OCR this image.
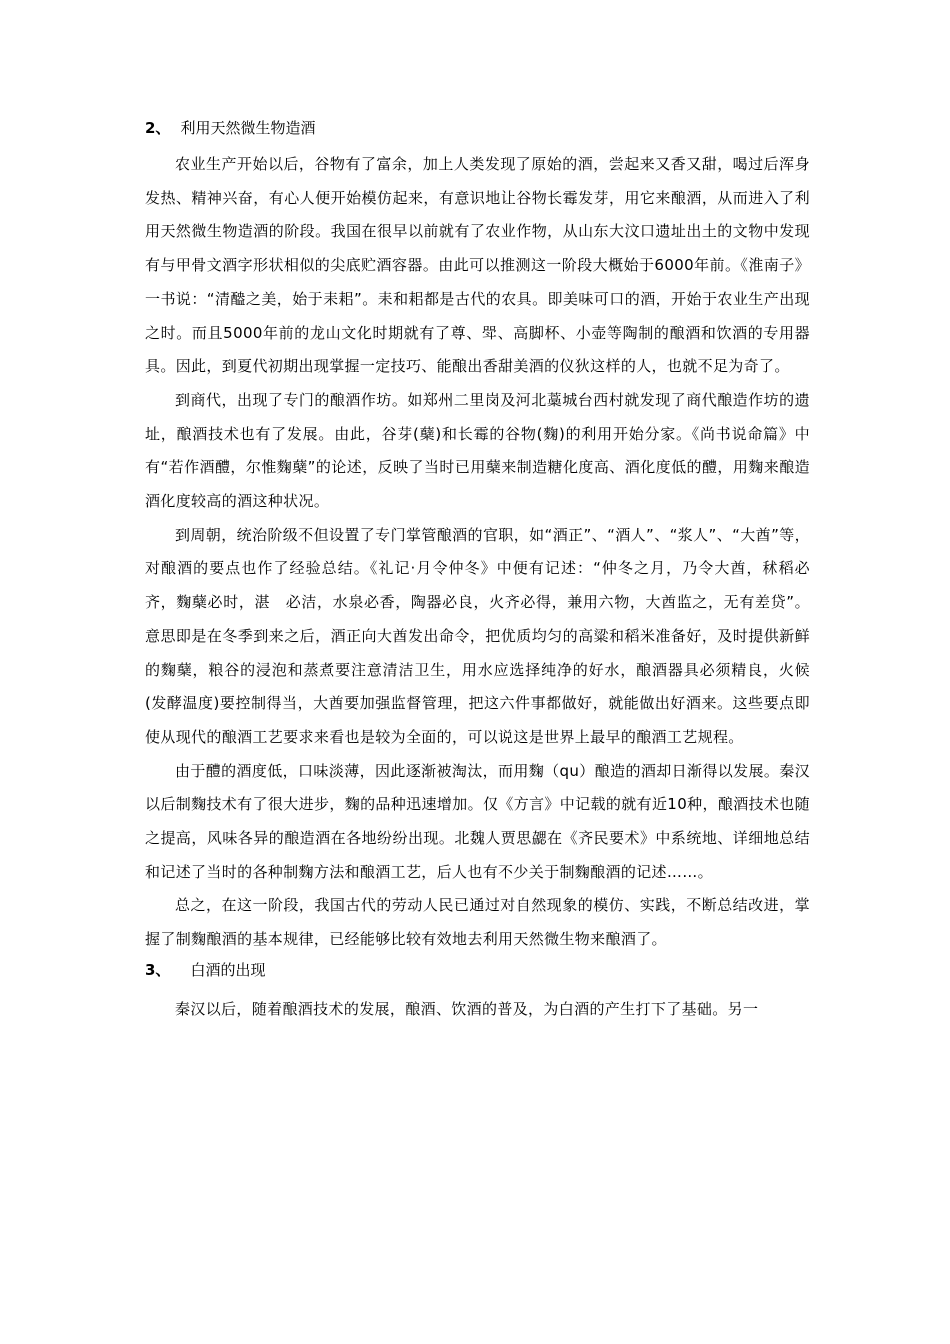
2、 利用天然微生物造酒

农业生产开始以后，谷物有了富余，加上人类发现了原始的酒，尝起来又香又甜，喝过后浑身发热、精神兴奋，有心人便开始模仿起来，有意识地让谷物长霉发芽，用它来酿酒，从而进入了利用天然微生物造酒的阶段。我国在很早以前就有了农业作物，从山东大汶口遗址出土的文物中发现有与甲骨文酒字形状相似的尖底贮酒容器。由此可以推测这一阶段大概始于6000年前。《淮南子》一书说：“清醠之美，始于耒耜”。耒和耜都是古代的农具。即美味可口的酒，开始于农业生产出现之时。而且5000年前的龙山文化时期就有了尊、斝、高脚杯、小壶等陶制的酿酒和饮酒的专用器具。因此，到夏代初期出现掌握一定技巧、能酿出香甜美酒的仪狄这样的人，也就不足为奇了。

到商代，出现了专门的酿酒作坊。如郑州二里岗及河北藁城台西村就发现了商代酿造作坊的遗址，酿酒技术也有了发展。由此，谷芽(蘖)和长霉的谷物(麴)的利用开始分家。《尚书说命篇》中有“若作酒醴，尔惟麴蘖”的论述，反映了当时已用蘖来制造糖化度高、酒化度低的醴，用麴来酿造酒化度较高的酒这种状况。

到周朝，统治阶级不但设置了专门掌管酿酒的官职，如“酒正”、“酒人”、“浆人”、“大酋”等，对酿酒的要点也作了经验总结。《礼记·月令仲冬》中便有记述：“仲冬之月，乃令大酋，秫稻必齐，麴蘖必时，湛　必洁，水泉必香，陶器必良，火齐必得，兼用六物，大酋监之，无有差贷”。意思即是在冬季到来之后，酒正向大酋发出命令，把优质均匀的高粱和稻米准备好，及时提供新鲜的麴蘖，粮谷的浸泡和蒸煮要注意清洁卫生，用水应选择纯净的好水，酿酒器具必须精良，火候(发酵温度)要控制得当，大酋要加强监督管理，把这六件事都做好，就能做出好酒来。这些要点即使从现代的酿酒工艺要求来看也是较为全面的，可以说这是世界上最早的酿酒工艺规程。

由于醴的酒度低，口味淡薄，因此逐渐被淘汰，而用麴（qu）酿造的酒却日渐得以发展。秦汉以后制麴技术有了很大进步，麴的品种迅速增加。仅《方言》中记载的就有近10种，酿酒技术也随之提高，风味各异的酿造酒在各地纷纷出现。北魏人贾思勰在《齐民要术》中系统地、详细地总结和记述了当时的各种制麴方法和酿酒工艺，后人也有不少关于制麴酿酒的记述……。

总之，在这一阶段，我国古代的劳动人民已通过对自然现象的模仿、实践，不断总结改进，掌握了制麴酿酒的基本规律，已经能够比较有效地去利用天然微生物来酿酒了。

3、 白酒的出现

秦汉以后，随着酿酒技术的发展，酿酒、饮酒的普及，为白酒的产生打下了基础。另一
